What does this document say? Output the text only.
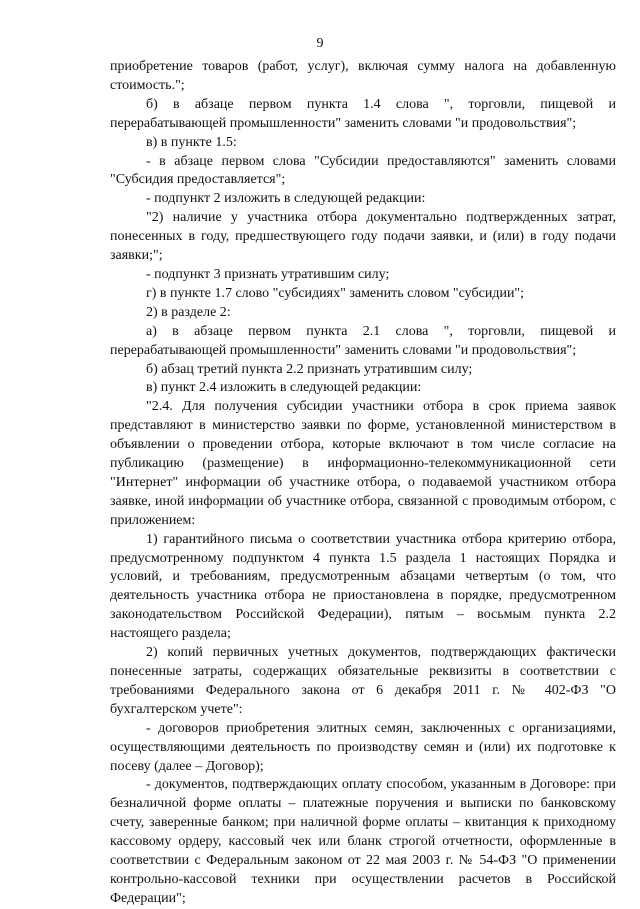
9

приобретение товаров (работ, услуг), включая сумму налога на добавленную стоимость.";

б) в абзаце первом пункта 1.4 слова ", торговли, пищевой и перерабатывающей промышленности" заменить словами "и продовольствия";

в) в пункте 1.5:

- в абзаце первом слова "Субсидии предоставляются" заменить словами "Субсидия предоставляется";

- подпункт 2 изложить в следующей редакции:

"2) наличие у участника отбора документально подтвержденных затрат, понесенных в году, предшествующего году подачи заявки, и (или) в году подачи заявки;";

- подпункт 3 признать утратившим силу;

г) в пункте 1.7 слово "субсидиях" заменить словом "субсидии";

2) в разделе 2:

а) в абзаце первом пункта 2.1 слова ", торговли, пищевой и перерабатывающей промышленности" заменить словами "и продовольствия";

б) абзац третий пункта 2.2 признать утратившим силу;

в) пункт 2.4 изложить в следующей редакции:

"2.4. Для получения субсидии участники отбора в срок приема заявок представляют в министерство заявки по форме, установленной министерством в объявлении о проведении отбора, которые включают в том числе согласие на публикацию (размещение) в информационно-телекоммуникационной сети "Интернет" информации об участнике отбора, о подаваемой участником отбора заявке, иной информации об участнике отбора, связанной с проводимым отбором, с приложением:

1) гарантийного письма о соответствии участника отбора критерию отбора, предусмотренному подпунктом 4 пункта 1.5 раздела 1 настоящих Порядка и условий, и требованиям, предусмотренным абзацами четвертым (о том, что деятельность участника отбора не приостановлена в порядке, предусмотренном законодательством Российской Федерации), пятым – восьмым пункта 2.2 настоящего раздела;

2) копий первичных учетных документов, подтверждающих фактически понесенные затраты, содержащих обязательные реквизиты в соответствии с требованиями Федерального закона от 6 декабря 2011 г. № 402-ФЗ "О бухгалтерском учете":

- договоров приобретения элитных семян, заключенных с организациями, осуществляющими деятельность по производству семян и (или) их подготовке к посеву (далее – Договор);

- документов, подтверждающих оплату способом, указанным в Договоре: при безналичной форме оплаты – платежные поручения и выписки по банковскому счету, заверенные банком; при наличной форме оплаты – квитанция к приходному кассовому ордеру, кассовый чек или бланк строгой отчетности, оформленные в соответствии с Федеральным законом от 22 мая 2003 г. № 54-ФЗ "О применении контрольно-кассовой техники при осуществлении расчетов в Российской Федерации";
